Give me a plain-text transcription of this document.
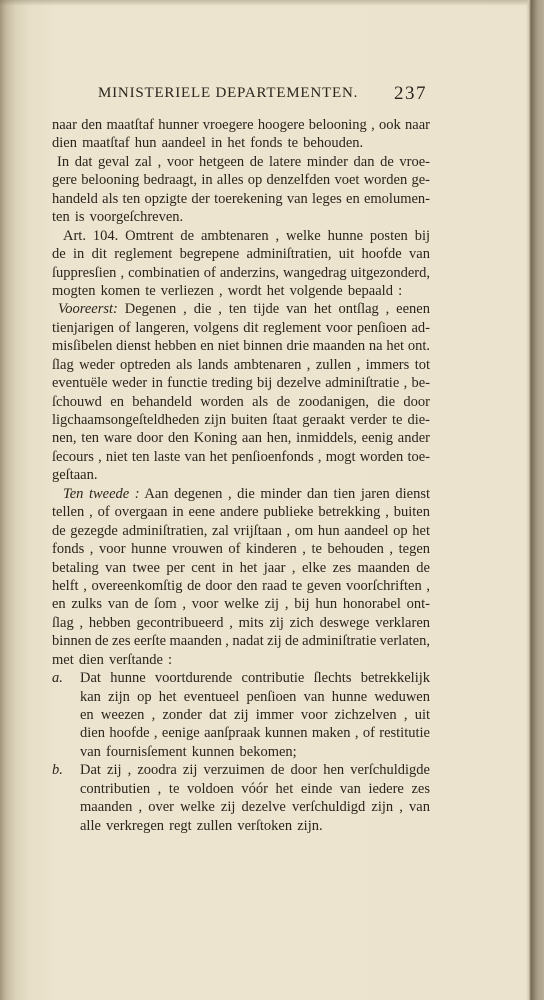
MINISTERIELE DEPARTEMENTEN. 237
naar den maatſtaf hunner vroegere hoogere belooning , ook naar
dien maatſtaf hun aandeel in het fonds te behouden.
In dat geval zal , voor hetgeen de latere minder dan de vroe-
gere belooning bedraagt, in alles op denzelfden voet worden ge-
handeld als ten opzigte der toerekening van leges en emolumen-
ten is voorgeſchreven.
Art. 104. Omtrent de ambtenaren , welke hunne posten bij
de in dit reglement begrepene adminiſtratien, uit hoofde van
ſuppresſien , combinatien of anderzins, wangedrag uitgezonderd,
mogten komen te verliezen , wordt het volgende bepaald :
Vooreerst: Degenen , die , ten tijde van het ontſlag , eenen
tienjarigen of langeren, volgens dit reglement voor penſioen ad-
misſibelen dienst hebben en niet binnen drie maanden na het ont.
ſlag weder optreden als lands ambtenaren , zullen , immers tot
eventuële weder in functie treding bij dezelve adminiſtratie , be-
ſchouwd en behandeld worden als de zoodanigen, die door
ligchaamsongeſteldheden zijn buiten ſtaat geraakt verder te die-
nen, ten ware door den Koning aan hen, inmiddels, eenig ander
ſecours , niet ten laste van het penſioenfonds , mogt worden toe-
geſtaan.
Ten tweede : Aan degenen , die minder dan tien jaren dienst
tellen , of overgaan in eene andere publieke betrekking , buiten
de gezegde adminiſtratien, zal vrijſtaan , om hun aandeel op het
fonds , voor hunne vrouwen of kinderen , te behouden , tegen
betaling van twee per cent in het jaar , elke zes maanden de
helft , overeenkomſtig de door den raad te geven voorſchriften ,
en zulks van de ſom , voor welke zij , bij hun honorabel ont-
ſlag , hebben gecontribueerd , mits zij zich deswege verklaren
binnen de zes eerſte maanden , nadat zij de adminiſtratie verlaten,
met dien verſtande :
a. Dat hunne voortdurende contributie ſlechts betrekkelijk
kan zijn op het eventueel penſioen van hunne weduwen
en weezen , zonder dat zij immer voor zichzelven , uit
dien hoofde , eenige aanſpraak kunnen maken , of restitutie
van fournisſement kunnen bekomen;
b. Dat zij , zoodra zij verzuimen de door hen verſchuldigde
contributien , te voldoen vóór het einde van iedere zes
maanden , over welke zij dezelve verſchuldigd zijn , van
alle verkregen regt zullen verſtoken zijn.
